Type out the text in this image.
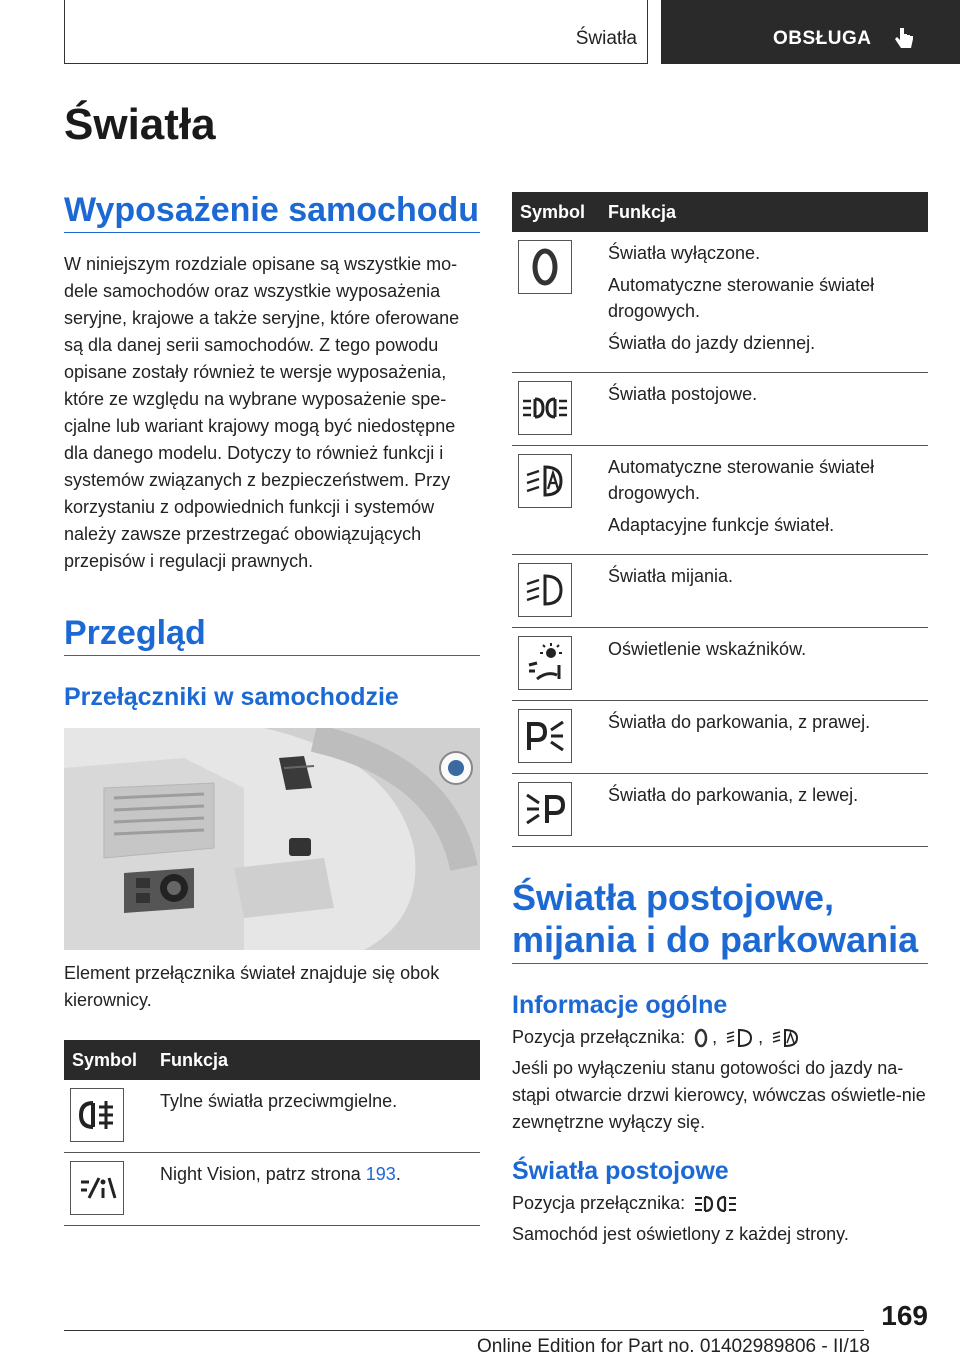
Światła	OBSŁUGA
Światła
Wyposażenie samochodu

W niniejszym rozdziale opisane są wszystkie mo-dele samochodów oraz wszystkie wyposażenia seryjne, krajowe a także seryjne, które oferowane są dla danej serii samochodów. Z tego powodu opisane zostały również te wersje wyposażenia, które ze względu na wybrane wyposażenie spe-cjalne lub wariant krajowy mogą być niedostępne dla danego modelu. Dotyczy to również funkcji i systemów związanych z bezpieczeństwem. Przy korzystaniu z odpowiednich funkcji i systemów należy zawsze przestrzegać obowiązujących przepisów i regulacji prawnych.

Przegląd
Przełączniki w samochodzie

Element przełącznika świateł znajduje się obok kierownicy.

Symbol	Funkcja

Tylne światła przeciwmgielne.

Night Vision, patrz strona 193.
Symbol	Funkcja

Światła wyłączone.
Automatyczne sterowanie świateł drogowych.
Światła do jazdy dziennej.

Światła postojowe.

Automatyczne sterowanie świateł drogowych.
Adaptacyjne funkcje świateł.

Światła mijania.

Oświetlenie wskaźników.

Światła do parkowania, z prawej.

Światła do parkowania, z lewej.
Światła postojowe, mijania i do parkowania
Informacje ogólne

Pozycja przełącznika: , ,

Jeśli po wyłączeniu stanu gotowości do jazdy na-stąpi otwarcie drzwi kierowcy, wówczas oświetle-nie zewnętrzne wyłączy się.

Światła postojowe

Pozycja przełącznika:

Samochód jest oświetlony z każdej strony.

169
Online Edition for Part no. 01402989806 - II/18
